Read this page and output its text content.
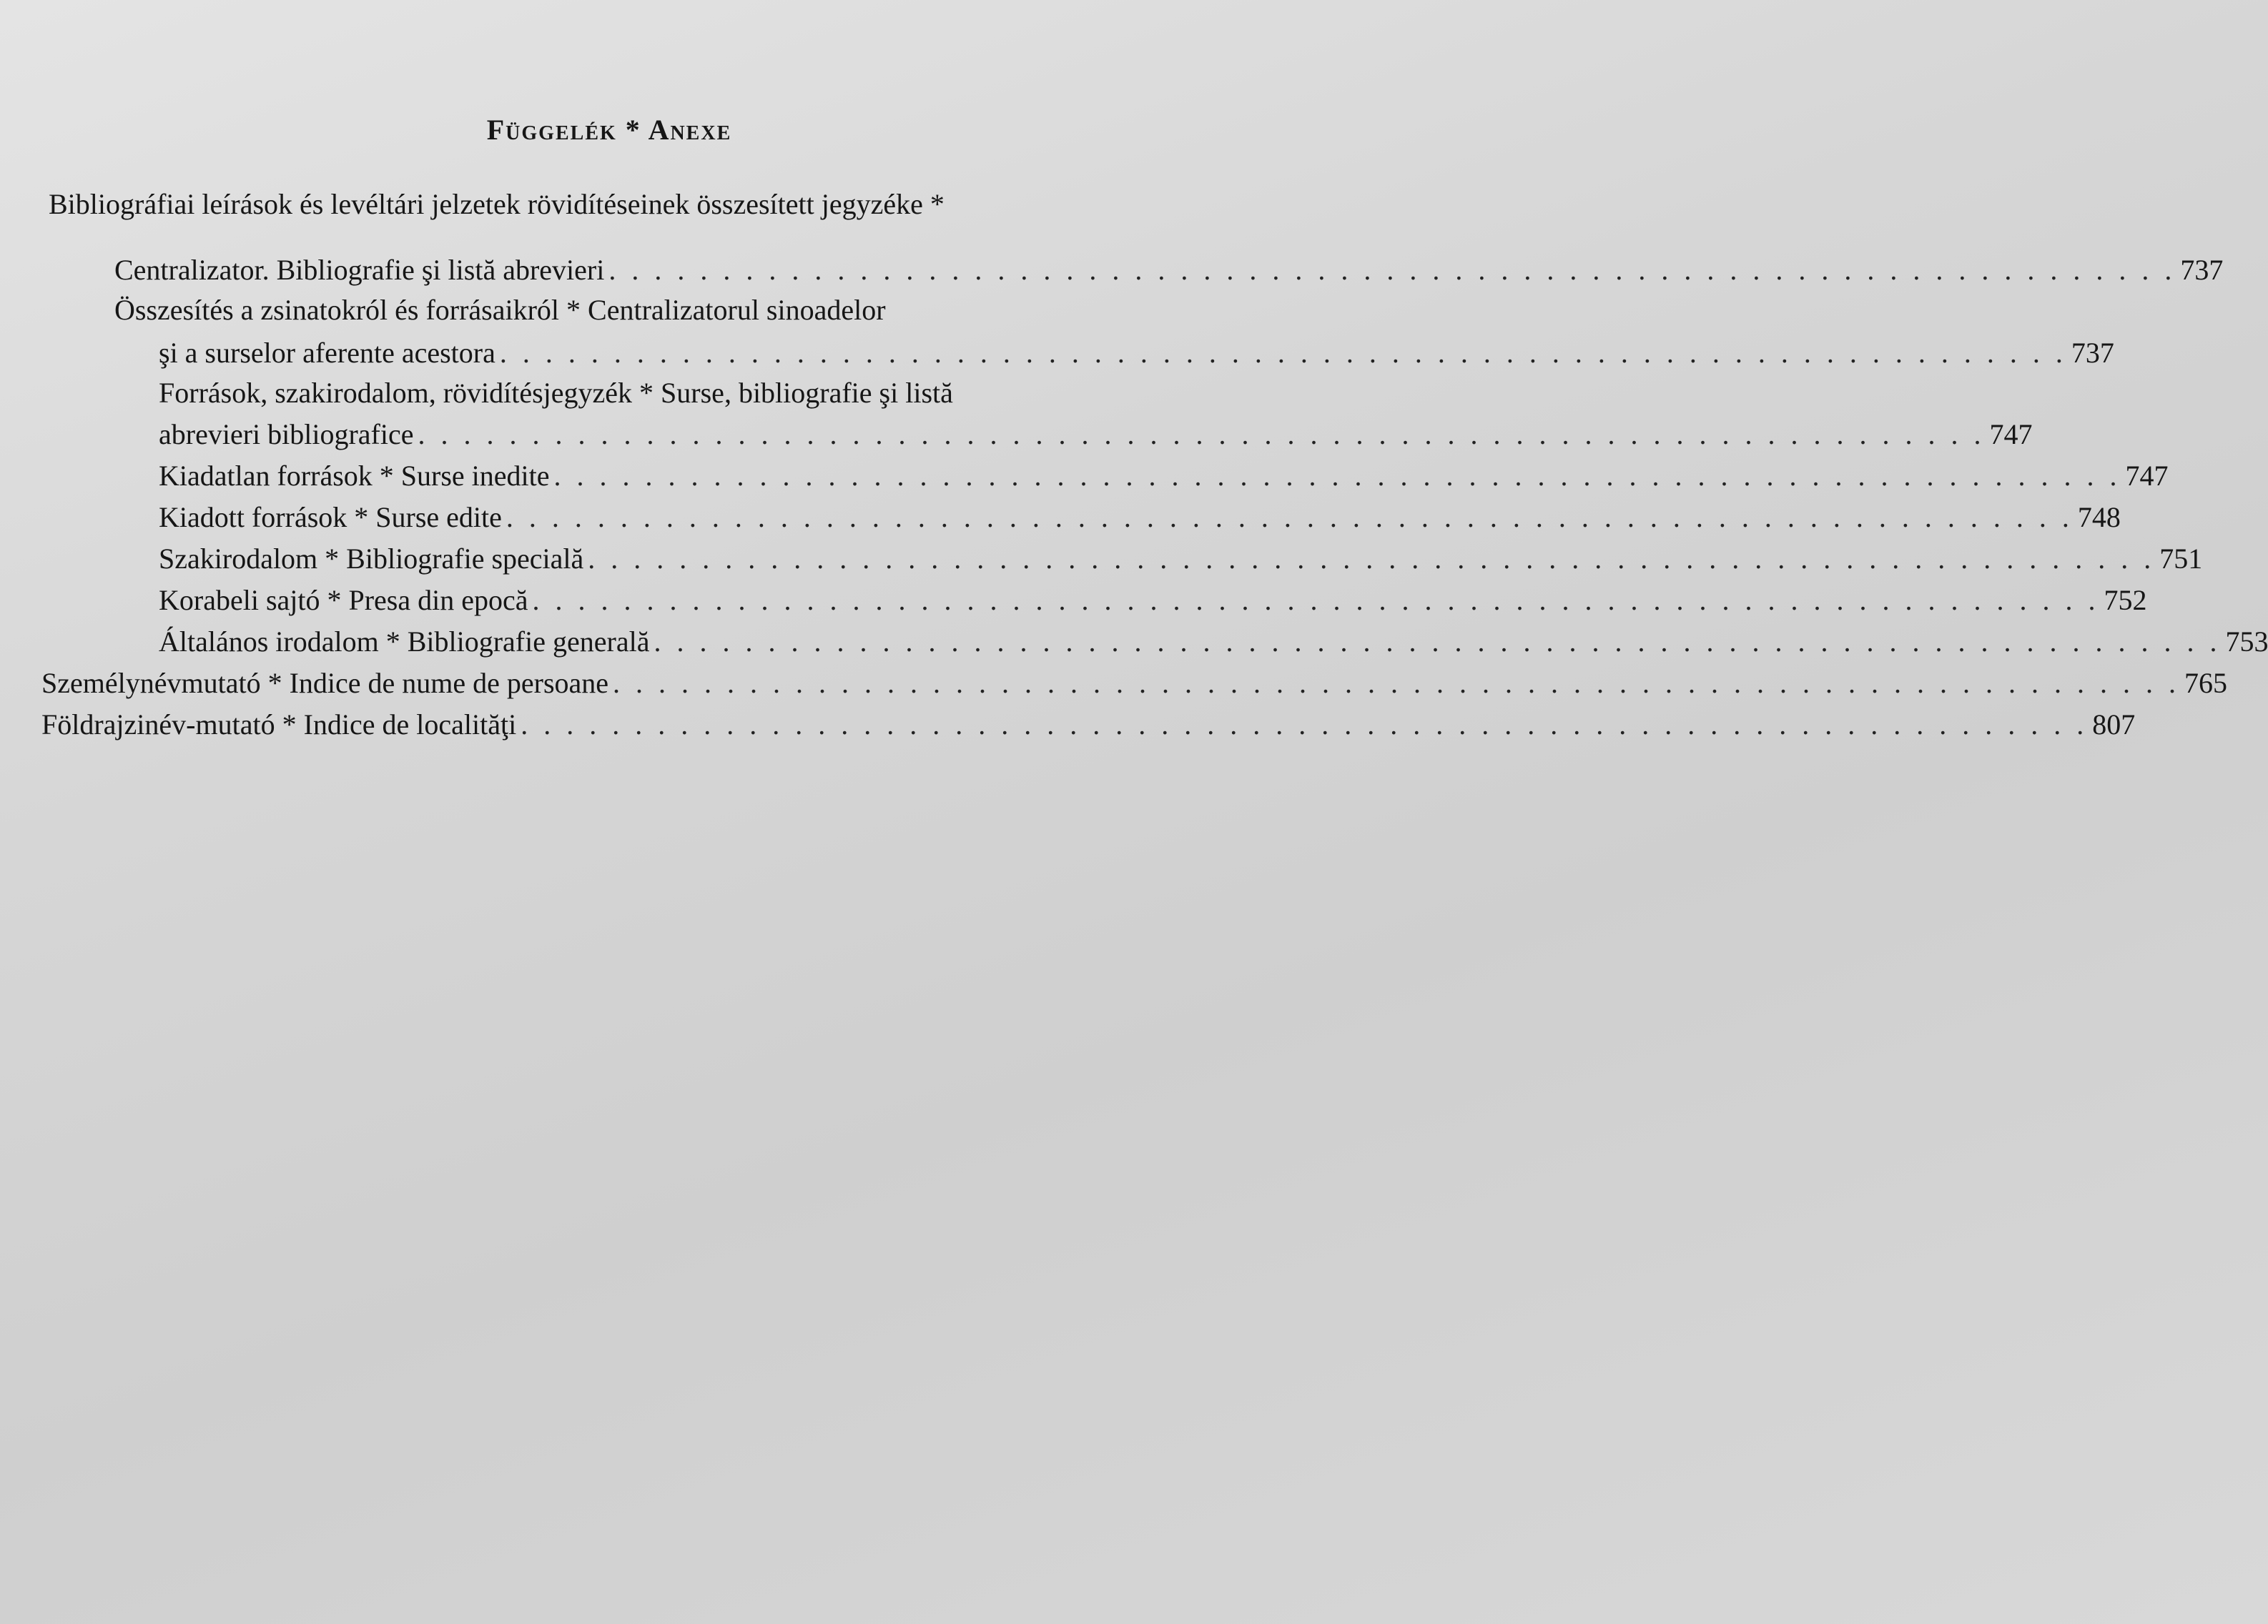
Függelék * Anexe
Bibliográfiai leírások és levéltári jelzetek rövidítéseinek összesített jegyzéke *
Centralizator. Bibliografie şi listă abrevieri . . . . . . . . . . . . . . . . . . . . . . . . . . . . . . . . . . . . . . . . . . . . . . . . . . . . . . . . . . . . . . . . . . . . . 737
Összesítés a zsinatokról és forrásaikról * Centralizatorul sinoadelor
şi a surselor aferente acestora . . . . . . . . . . . . . . . . . . . . . . . . . . . . . . . . . . . . . . . . . . . . . . . . . . . . . . . . . . . . . . . . . . . . . 737
Források, szakirodalom, rövidítésjegyzék * Surse, bibliografie şi listă
abrevieri bibliografice . . . . . . . . . . . . . . . . . . . . . . . . . . . . . . . . . . . . . . . . . . . . . . . . . . . . . . . . . . . . . . . . . . . . . 747
Kiadatlan források * Surse inedite . . . . . . . . . . . . . . . . . . . . . . . . . . . . . . . . . . . . . . . . . . . . . . . . . . . . . . . . . . . . . . . . . . . . . 747
Kiadott források * Surse edite . . . . . . . . . . . . . . . . . . . . . . . . . . . . . . . . . . . . . . . . . . . . . . . . . . . . . . . . . . . . . . . . . . . . . 748
Szakirodalom * Bibliografie specială . . . . . . . . . . . . . . . . . . . . . . . . . . . . . . . . . . . . . . . . . . . . . . . . . . . . . . . . . . . . . . . . . . . . . 751
Korabeli sajtó * Presa din epocă . . . . . . . . . . . . . . . . . . . . . . . . . . . . . . . . . . . . . . . . . . . . . . . . . . . . . . . . . . . . . . . . . . . . . 752
Általános irodalom * Bibliografie generală . . . . . . . . . . . . . . . . . . . . . . . . . . . . . . . . . . . . . . . . . . . . . . . . . . . . . . . . . . . . . . . . . . . . . 753
Személynévmutató * Indice de nume de persoane . . . . . . . . . . . . . . . . . . . . . . . . . . . . . . . . . . . . . . . . . . . . . . . . . . . . . . . . . . . . . . . . . . . . . 765
Földrajzinév-mutató * Indice de localităţi . . . . . . . . . . . . . . . . . . . . . . . . . . . . . . . . . . . . . . . . . . . . . . . . . . . . . . . . . . . . . . . . . . . . . 807
